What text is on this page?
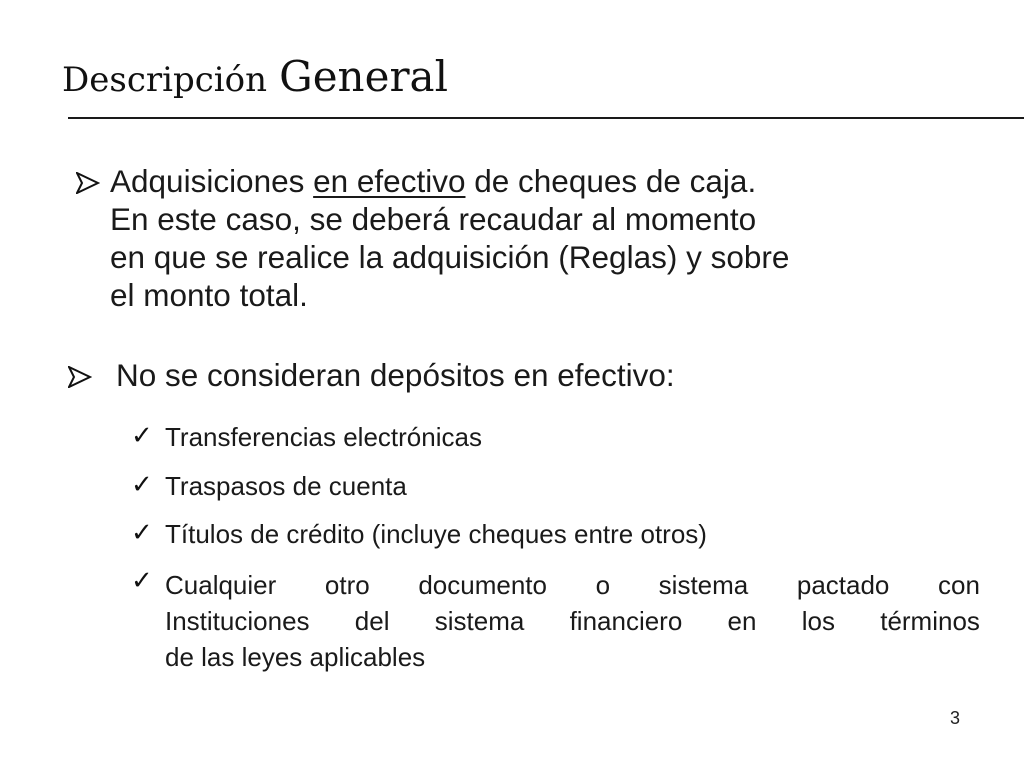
Descripción General
Adquisiciones en efectivo de cheques de caja.
En este caso, se deberá recaudar al momento
en que se realice la adquisición (Reglas) y sobre
el monto total.
No se consideran depósitos en efectivo:
✓ Transferencias electrónicas
✓ Traspasos de cuenta
✓ Títulos de crédito (incluye cheques entre otros)
✓ Cualquier otro documento o sistema pactado con
Instituciones del sistema financiero en los términos
de las leyes aplicables
3
